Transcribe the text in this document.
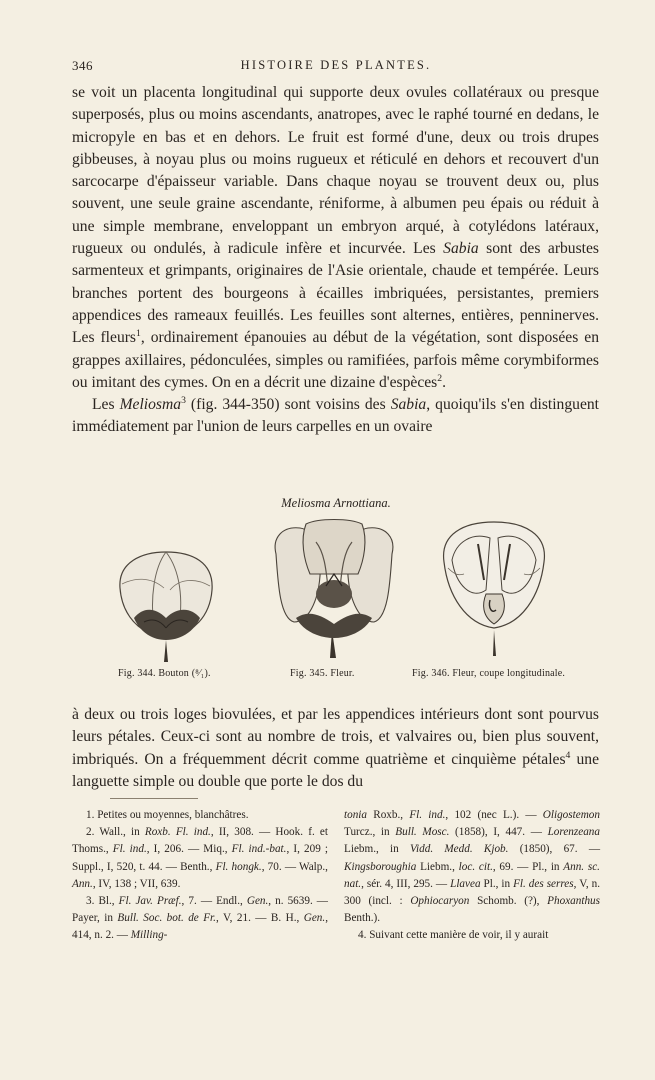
346	HISTOIRE DES PLANTES.

se voit un placenta longitudinal qui supporte deux ovules collatéraux ou presque superposés, plus ou moins ascendants, anatropes, avec le raphé tourné en dedans, le micropyle en bas et en dehors. Le fruit est formé d'une, deux ou trois drupes gibbeuses, à noyau plus ou moins rugueux et réticulé en dehors et recouvert d'un sarcocarpe d'épaisseur variable. Dans chaque noyau se trouvent deux ou, plus souvent, une seule graine ascendante, réniforme, à albumen peu épais ou réduit à une simple membrane, enveloppant un embryon arqué, à cotylédons latéraux, rugueux ou ondulés, à radicule infère et incurvée. Les Sabia sont des arbustes sarmenteux et grimpants, originaires de l'Asie orientale, chaude et tempérée. Leurs branches portent des bourgeons à écailles imbriquées, persistantes, premiers appendices des rameaux feuillés. Les feuilles sont alternes, entières, penninerves. Les fleurs$^1$, ordinairement épanouies au début de la végétation, sont disposées en grappes axillaires, pédonculées, simples ou ramifiées, parfois même corymbiformes ou imitant des cymes. On en a décrit une dizaine d'espèces$^2$.

Les Meliosma$^3$ (fig. 344-350) sont voisins des Sabia, quoiqu'ils s'en distinguent immédiatement par l'union de leurs carpelles en un ovaire

Meliosma Arnottiana.
Fig. 344. Bouton (⁸⁄₁).	Fig. 345. Fleur.	Fig. 346. Fleur, coupe longitudinale.

à deux ou trois loges biovulées, et par les appendices intérieurs dont sont pourvus leurs pétales. Ceux-ci sont au nombre de trois, et valvaires ou, bien plus souvent, imbriqués. On a fréquemment décrit comme quatrième et cinquième pétales$^4$ une languette simple ou double que porte le dos du

1. Petites ou moyennes, blanchâtres.

2. Wall., in Roxb. Fl. ind., II, 308. — Hook. f. et Thoms., Fl. ind., I, 206. — Miq., Fl. ind.-bat., I, 209 ; Suppl., I, 520, t. 44. — Benth., Fl. hongk., 70. — Walp., Ann., IV, 138 ; VII, 639.

3. Bl., Fl. Jav. Præf., 7. — Endl., Gen., n. 5639. — Payer, in Bull. Soc. bot. de Fr., V, 21. — B. H., Gen., 414, n. 2. — Milling-

tonia Roxb., Fl. ind., 102 (nec L.). — Oligostemon Turcz., in Bull. Mosc. (1858), I, 447. — Lorenzeana Liebm., in Vidd. Medd. Kjob. (1850), 67. — Kingsboroughia Liebm., loc. cit., 69. — Pl., in Ann. sc. nat., sér. 4, III, 295. — Llavea Pl., in Fl. des serres, V, n. 300 (incl. : Ophiocaryon Schomb. (?), Phoxanthus Benth.).

4. Suivant cette manière de voir, il y aurait
